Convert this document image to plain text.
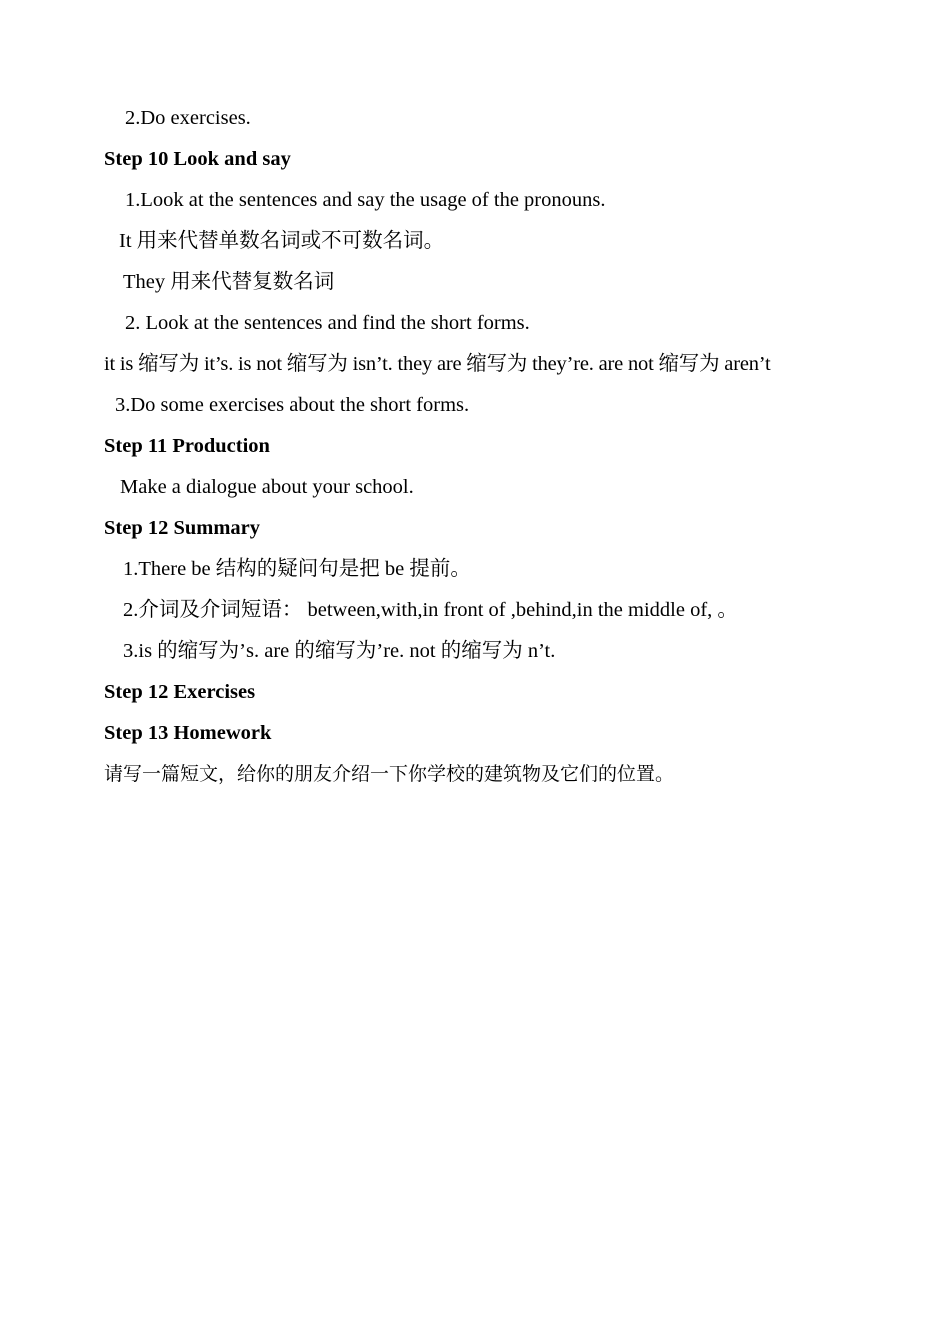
2.Do exercises.
Step 10 Look and say
1.Look at the sentences and say the usage of the pronouns.
It 用来代替单数名词或不可数名词。
They 用来代替复数名词
2. Look at the sentences and find the short forms.
it is 缩写为 it’s. is not 缩写为 isn’t. they are 缩写为 they’re. are not 缩写为 aren’t
3.Do some exercises about the short forms.
Step 11 Production
Make a dialogue about your school.
Step 12 Summary
1.There be 结构的疑问句是把 be 提前。
2.介词及介词短语： between,with,in front of ,behind,in the middle of, 。
3.is 的缩写为’s. are 的缩写为’re. not 的缩写为 n’t.
Step 12 Exercises
Step 13 Homework
请写一篇短文，给你的朋友介绍一下你学校的建筑物及它们的位置。
